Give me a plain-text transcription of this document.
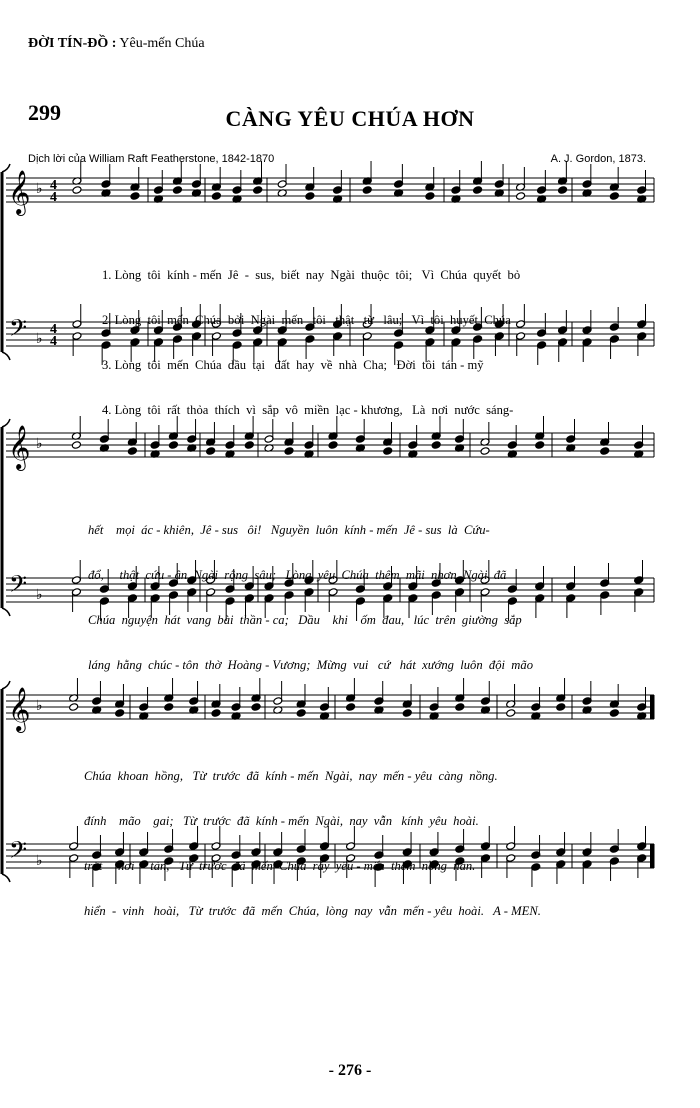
ĐỜI TÍN-ĐỒ : Yêu-mến Chúa
299	CÀNG YÊU CHÚA HƠN
Dịch lời của William Raft Featherstone, 1842-1870	A. J. Gordon, 1873.
𝄞
𝄢
♭
♭
4
4
4
4
𝄞
𝄢
♭
♭
𝄞
𝄢
♭
♭

1. Lòng  tôi  kính - mến  Jê  -  sus,  biết  nay  Ngài  thuộc  tôi;   Vì  Chúa  quyết  bỏ

2. Lòng  tôi  mến  Chúa  bởi  Ngài  mến   tôi   thật   từ   lâu;   Vì  tôi  huyết  Chúa

3. Lòng  tôi  mến  Chúa  dầu  tại   đất  hay  về  nhà  Cha;   Đời  tôi  tán - mỹ

4. Lòng  tôi  rất  thỏa  thích  vì  sắp  vô  miền  lạc - khương,   Là  nơi  nước  sáng-

hết    mọi  ác - khiên,  Jê - sus   ôi!   Nguyền  luôn  kính - mến  Jê - sus  là  Cứu-

đổ,     thật  cứu - ân  Ngài  rộng  sâu;   Lòng  yêu  Chúa  thêm  mãi  nhơn  Ngài  đã

Chúa  nguyện  hát  vang  bài  thần - ca;   Dầu    khi    ốm  đau,   lúc  trên  giường  sắp

láng  hằng  chúc - tôn  thờ  Hoàng - Vương;  Mừng  vui   cứ   hát  xướng  luôn  đội  mão

Chúa  khoan  hồng,   Từ  trước  đã  kính - mến  Ngài,  nay  mến - yêu  càng  nồng.

đính    mão    gai;   Từ  trước  đã  kính - mến  Ngài,  nay  vẫn   kính  yêu  hoài.

trút     hơi     tàn,   Từ  trước  đã  mến  Chúa  rày  yêu - mến  thêm  nồng  nàn.

hiển  -  vinh   hoài,   Từ  trước  đã  mến  Chúa,  lòng  nay  vẫn  mến - yêu  hoài.   A - MEN.

- 276 -
